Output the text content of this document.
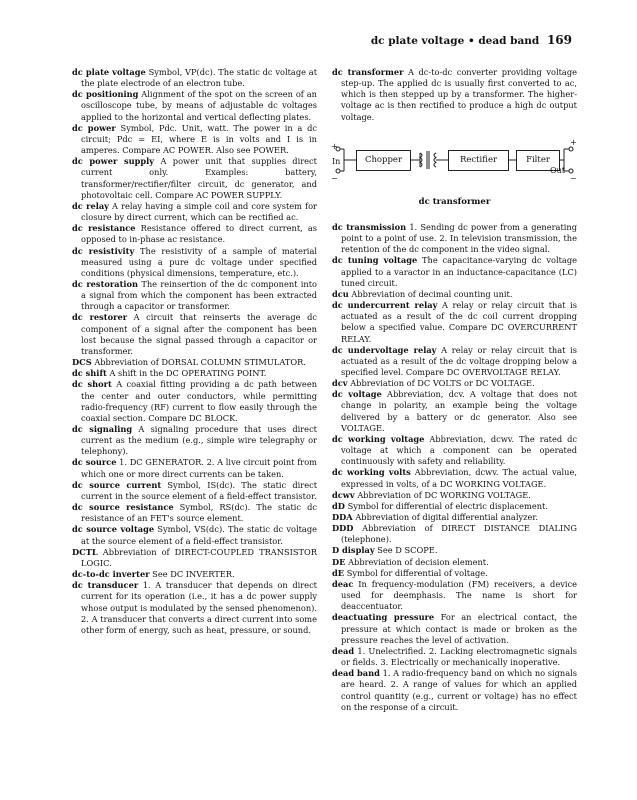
dc plate voltage • dead band 169
dc plate voltage Symbol, VP(dc). The static dc voltage at the plate electrode of an electron tube.
dc positioning Alignment of the spot on the screen of an oscilloscope tube, by means of adjustable dc voltages applied to the horizontal and vertical deflecting plates.
dc power Symbol, Pdc. Unit, watt. The power in a dc circuit; Pdc = EI, where E is in volts and I is in amperes. Compare AC POWER. Also see POWER.
dc power supply A power unit that supplies direct current only. Examples: battery, transformer/rectifier/filter circuit, dc generator, and photovoltaic cell. Compare AC POWER SUPPLY.
dc relay A relay having a simple coil and core system for closure by direct current, which can be rectified ac.
dc resistance Resistance offered to direct current, as opposed to in-phase ac resistance.
dc resistivity The resistivity of a sample of material measured using a pure dc voltage under specified conditions (physical dimensions, temperature, etc.).
dc restoration The reinsertion of the dc component into a signal from which the component has been extracted through a capacitor or transformer.
dc restorer A circuit that reinserts the average dc component of a signal after the component has been lost because the signal passed through a capacitor or transformer.
DCS Abbreviation of DORSAL COLUMN STIMULATOR.
dc shift A shift in the DC OPERATING POINT.
dc short A coaxial fitting providing a dc path between the center and outer conductors, while permitting radio-frequency (RF) current to flow easily through the coaxial section. Compare DC BLOCK.
dc signaling A signaling procedure that uses direct current as the medium (e.g., simple wire telegraphy or telephony).
dc source 1. DC GENERATOR. 2. A live circuit point from which one or more direct currents can be taken.
dc source current Symbol, IS(dc). The static direct current in the source element of a field-effect transistor.
dc source resistance Symbol, RS(dc). The static dc resistance of an FET's source element.
dc source voltage Symbol, VS(dc). The static dc voltage at the source element of a field-effect transistor.
DCTL Abbreviation of DIRECT-COUPLED TRANSISTOR LOGIC.
dc-to-dc inverter See DC INVERTER.
dc transducer 1. A transducer that depends on direct current for its operation (i.e., it has a dc power supply whose output is modulated by the sensed phenomenon). 2. A transducer that converts a direct current into some other form of energy, such as heat, pressure, or sound.
dc transformer A dc-to-dc converter providing voltage step-up. The applied dc is usually first converted to ac, which is then stepped up by a transformer. The higher-voltage ac is then rectified to produce a high dc output voltage.
Chopper	Rectifier	Filter
+
In
−
+
Out
−
dc transformer
dc transmission 1. Sending dc power from a generating point to a point of use. 2. In television transmission, the retention of the dc component in the video signal.
dc tuning voltage The capacitance-varying dc voltage applied to a varactor in an inductance-capacitance (LC) tuned circuit.
dcu Abbreviation of decimal counting unit.
dc undercurrent relay A relay or relay circuit that is actuated as a result of the dc coil current dropping below a specified value. Compare DC OVERCURRENT RELAY.
dc undervoltage relay A relay or relay circuit that is actuated as a result of the dc voltage dropping below a specified level. Compare DC OVERVOLTAGE RELAY.
dcv Abbreviation of DC VOLTS or DC VOLTAGE.
dc voltage Abbreviation, dcv. A voltage that does not change in polarity, an example being the voltage delivered by a battery or dc generator. Also see VOLTAGE.
dc working voltage Abbreviation, dcwv. The rated dc voltage at which a component can be operated continuously with safety and reliability.
dc working volts Abbreviation, dcwv. The actual value, expressed in volts, of a DC WORKING VOLTAGE.
dcwv Abbreviation of DC WORKING VOLTAGE.
dD Symbol for differential of electric displacement.
DDA Abbreviation of digital differential analyzer.
DDD Abbreviation of DIRECT DISTANCE DIALING (telephone).
D display See D SCOPE.
DE Abbreviation of decision element.
dE Symbol for differential of voltage.
deac In frequency-modulation (FM) receivers, a device used for deemphasis. The name is short for deaccentuator.
deactuating pressure For an electrical contact, the pressure at which contact is made or broken as the pressure reaches the level of activation.
dead 1. Unelectrified. 2. Lacking electromagnetic signals or fields. 3. Electrically or mechanically inoperative.
dead band 1. A radio-frequency band on which no signals are heard. 2. A range of values for which an applied control quantity (e.g., current or voltage) has no effect on the response of a circuit.
